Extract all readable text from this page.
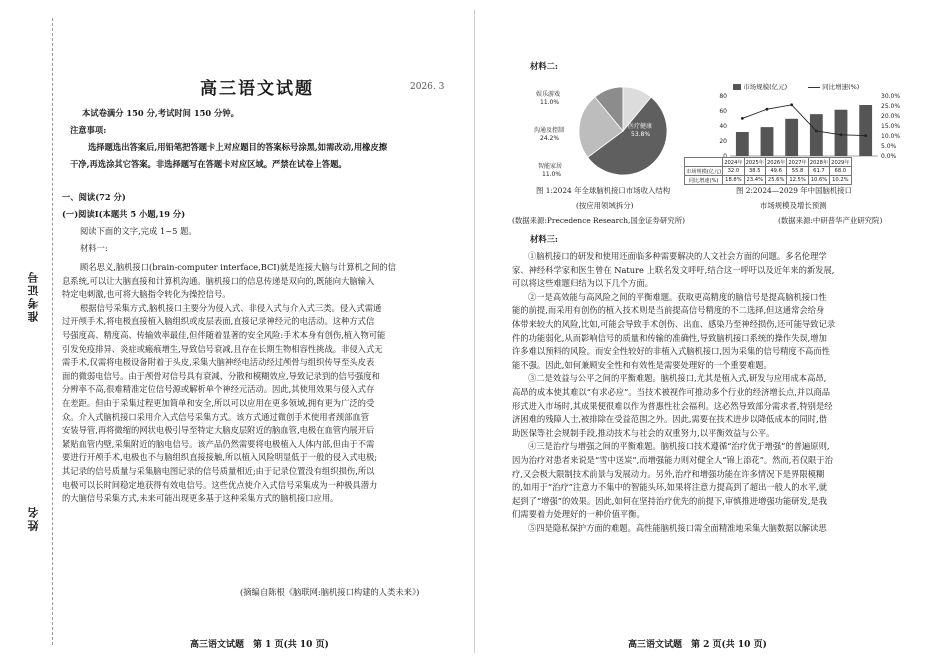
准考证号
姓名
高三语文试题	2026. 3
本试卷满分 150 分,考试时间 150 分钟。
注意事项:
选择题选出答案后,用铅笔把答题卡上对应题目的答案标号涂黑,如需改动,用橡皮擦
干净,再选涂其它答案。非选择题写在答题卡对应区域。严禁在试卷上答题。
一、阅读(72 分)
(一)阅读Ⅰ(本题共 5 小题,19 分)
阅读下面的文字,完成 1~5 题。
材料一:
顾名思义,脑机接口(brain-computer interface,BCI)就是连接大脑与计算机之间的信
息系统,可以让大脑直接和计算机沟通。脑机接口的信息传递是双向的,既能向大脑输入
特定电刺激,也可将大脑指令转化为操控信号。
根据信号采集方式,脑机接口主要分为侵入式、非侵入式与介入式三类。侵入式需通
过开颅手术,将电极直接植入脑组织或皮层表面,直接记录神经元的电活动。这种方式信
号强度高、精度高、传输效率最佳,但伴随着显著的安全风险:手术本身有创伤,植入物可能
引发免疫排异、炎症或瘢痕增生,导致信号衰减,且存在长期生物相容性挑战。非侵入式无
需手术,仅需将电极设备附着于头皮,采集大脑神经电活动经过颅骨与组织传导至头皮表
面的微弱电信号。由于颅骨对信号具有衰减、分散和模糊效应,导致记录到的信号强度和
分辨率不高,很难精准定位信号源或解析单个神经元活动。因此,其使用效果与侵入式存
在差距。但由于采集过程更加简单和安全,所以可以应用在更多领域,拥有更为广泛的受
众。介入式脑机接口采用介入式信号采集方式。该方式通过微创手术使用者颈部血管
安装导管,再将微缩的网状电极引导至特定大脑皮层附近的脑血管,电极在血管内展开后
紧贴血管内壁,采集附近的脑电信号。该产品仍然需要将电极植入人体内部,但由于不需
要进行开颅手术,电极也不与脑组织直接接触,所以植入风险明显低于一般的侵入式电极;
其记录的信号质量与采集脑电图记录的信号质量相近;由于记录位置没有组织损伤,所以
电极可以长时间稳定地获得有效电信号。这些优点使介入式信号采集成为一种极具潜力
的大脑信号采集方式,未来可能出现更多基于这种采集方式的脑机接口应用。
(摘编自陈根《脑联网:脑机接口构建的人类未来》)
高三语文试题　第 1 页(共 10 页)
材料二:
娱乐游戏
11.0%
沟通及控制
24.2%
医疗健康
53.8%
智能家居
11.0%
图 1:2024 年全球脑机接口市场收入结构
(按应用领域拆分)
(数据来源:Precedence Research,国金证券研究所)
市场规模(亿元)	同比增速(%)
80
60
40
20
0
30.0%
25.0%
20.0%
15.0%
10.0%
5.0%
0.0%
	2024年	2025年	2026年	2027年	2028年	2029年
市场规模(亿元)	32.0	38.5	49.6	55.8	61.7	68.0
同比增速(%)	18.8%	23.4%	25.6%	12.5%	10.6%	10.2%
图 2:2024—2029 年中国脑机接口
市场规模及增长预测
(数据来源:中研普华产业研究院)
材料三:
①脑机接口的研发和使用还面临多种需要解决的人文社会方面的问题。多名伦理学
家、神经科学家和医生曾在 Nature 上联名发文呼吁,结合这一呼吁以及近年来的新发展,
可以将这些难题归结为以下几个方面。
②一是高效能与高风险之间的平衡难题。获取更高精度的脑信号是提高脑机接口性
能的前提,而采用有创伤的植入技术则是当前提高信号精度的不二选择,但这通常会给身
体带来较大的风险,比如,可能会导致手术创伤、出血、感染乃至神经损伤,还可能导致记录
件的功能弱化,从而影响信号的质量和传输的准确性,导致脑机接口系统的操作失误,增加
许多难以预料的风险。而安全性较好的非植入式脑机接口,因为采集的信号精度不高而性
能不强。因此,如何兼顾安全性和有效性是需要处理好的一个重要难题。
③二是效益与公平之间的平衡难题。脑机接口,尤其是植入式,研发与应用成本高昂,
高昂的成本使其难以“有求必应”。当技术被视作可推动多个行业的经济增长点,并以商品
形式进入市场时,其成果便很难以作为普惠性社会福利。这必然导致部分需求者,特别是经
济困难的残障人士,被排除在受益范围之外。因此,需要在技术进步以降低成本的同时,借
助医保等社会规制手段,推动技术与社会的双重努力,以平衡效益与公平。
④三是治疗与增强之间的平衡难题。脑机接口技术遵循“治疗优于增强”的普遍原则,
因为治疗对患者来说是“雪中送炭”,而增强能力则对健全人“锦上添花”。然而,若仅限于治
疗,又会极大限制技术前景与发展动力。另外,治疗和增强功能在许多情况下是界限模糊
的,如用于“治疗”注意力不集中的智能头环,如果将注意力提高到了超出一般人的水平,就
起到了“增强”的效果。因此,如何在坚持治疗优先的前提下,审慎推进增强功能研发,是我
们需要着力处理好的一种价值平衡。
⑤四是隐私保护方面的难题。高性能脑机接口需全面精准地采集大脑数据以解读思
高三语文试题　第 2 页(共 10 页)
